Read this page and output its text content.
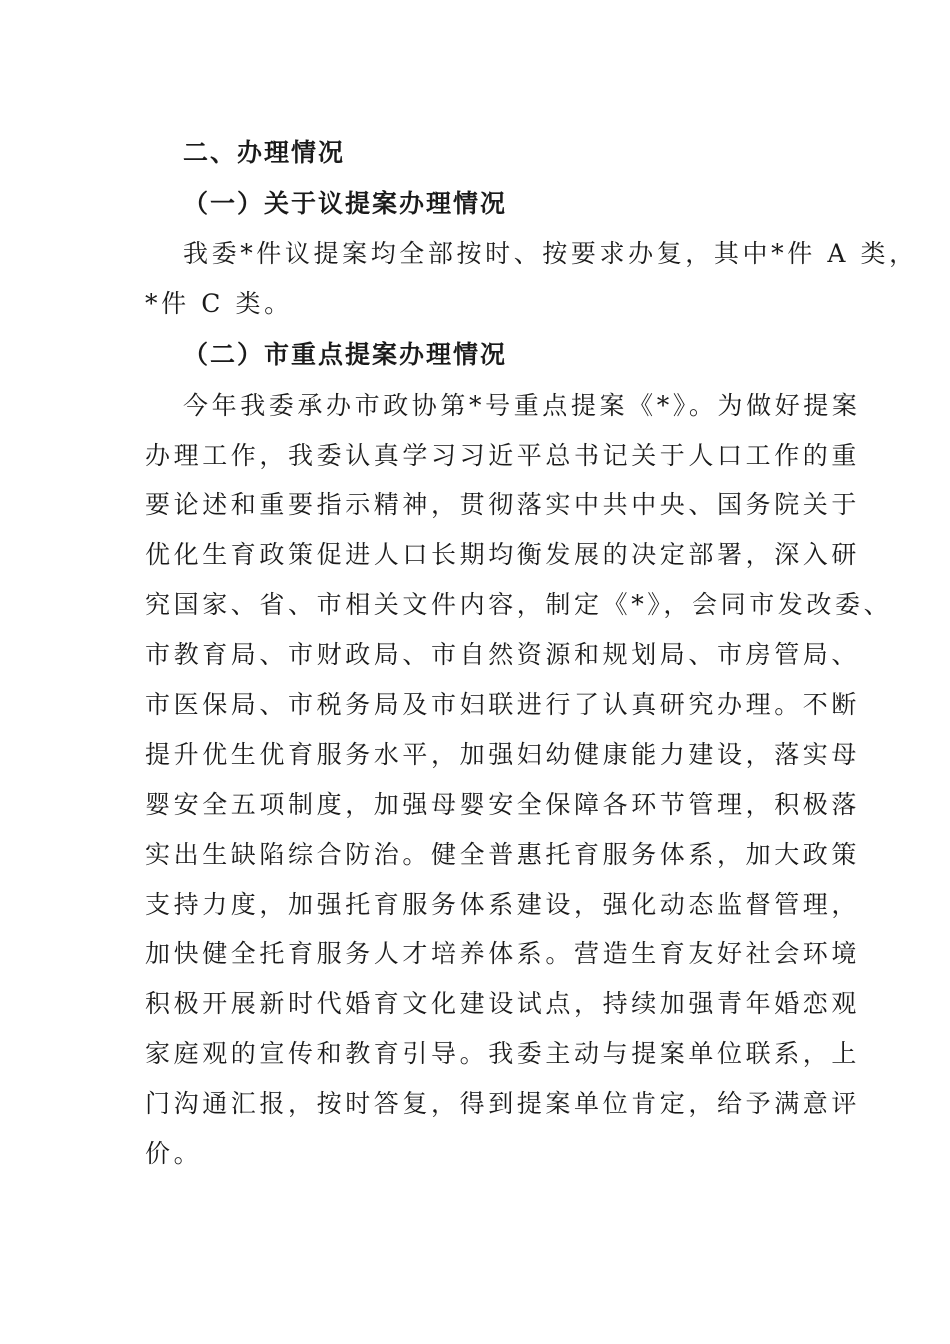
二、办理情况
（一）关于议提案办理情况
我委*件议提案均全部按时、按要求办复，其中*件 A 类，
*件 C 类。
（二）市重点提案办理情况
今年我委承办市政协第*号重点提案《*》。为做好提案
办理工作，我委认真学习习近平总书记关于人口工作的重
要论述和重要指示精神，贯彻落实中共中央、国务院关于
优化生育政策促进人口长期均衡发展的决定部署，深入研
究国家、省、市相关文件内容，制定《*》，会同市发改委、
市教育局、市财政局、市自然资源和规划局、市房管局、
市医保局、市税务局及市妇联进行了认真研究办理。不断
提升优生优育服务水平，加强妇幼健康能力建设，落实母
婴安全五项制度，加强母婴安全保障各环节管理，积极落
实出生缺陷综合防治。健全普惠托育服务体系，加大政策
支持力度，加强托育服务体系建设，强化动态监督管理，
加快健全托育服务人才培养体系。营造生育友好社会环境
积极开展新时代婚育文化建设试点，持续加强青年婚恋观
家庭观的宣传和教育引导。我委主动与提案单位联系，上
门沟通汇报，按时答复，得到提案单位肯定，给予满意评
价。
